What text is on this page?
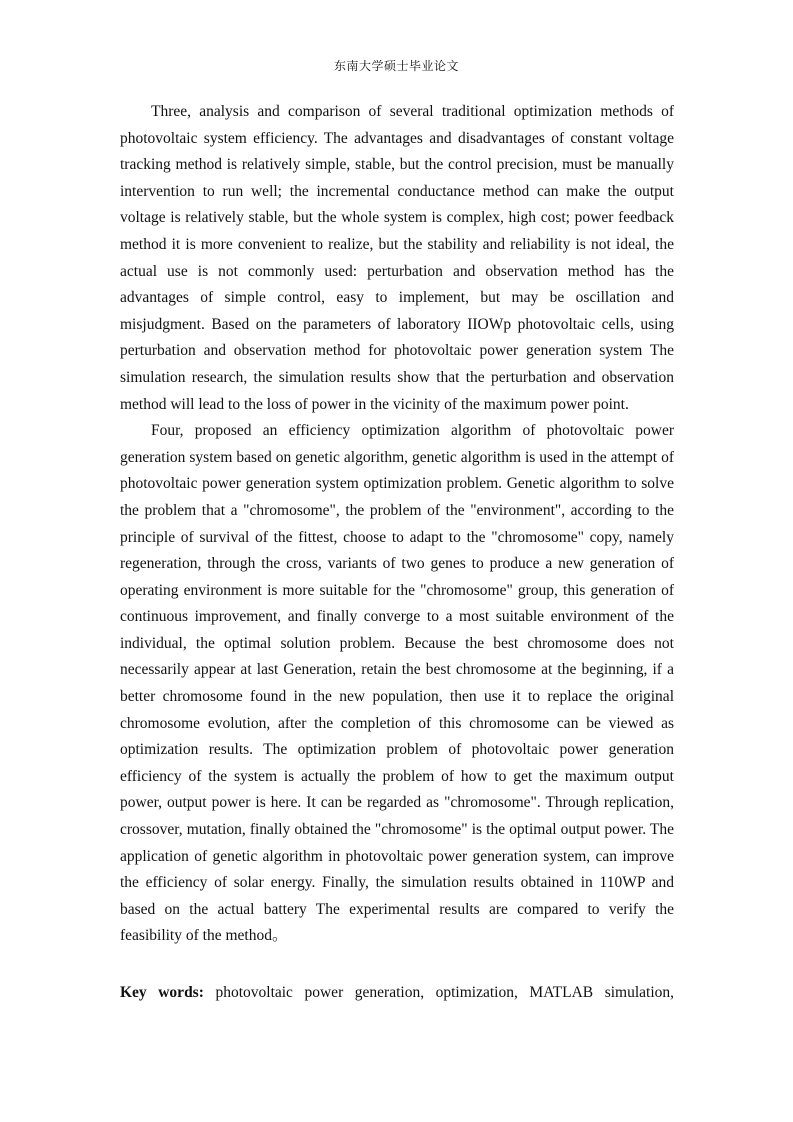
东南大学硕士毕业论文

Three, analysis and comparison of several traditional optimization methods of photovoltaic system efficiency. The advantages and disadvantages of constant voltage tracking method is relatively simple, stable, but the control precision, must be manually intervention to run well; the incremental conductance method can make the output voltage is relatively stable, but the whole system is complex, high cost; power feedback method it is more convenient to realize, but the stability and reliability is not ideal, the actual use is not commonly used: perturbation and observation method has the advantages of simple control, easy to implement, but may be oscillation and misjudgment. Based on the parameters of laboratory IIOWp photovoltaic cells, using perturbation and observation method for photovoltaic power generation system The simulation research, the simulation results show that the perturbation and observation method will lead to the loss of power in the vicinity of the maximum power point.

Four, proposed an efficiency optimization algorithm of photovoltaic power generation system based on genetic algorithm, genetic algorithm is used in the attempt of photovoltaic power generation system optimization problem. Genetic algorithm to solve the problem that a "chromosome", the problem of the "environment", according to the principle of survival of the fittest, choose to adapt to the "chromosome" copy, namely regeneration, through the cross, variants of two genes to produce a new generation of operating environment is more suitable for the "chromosome" group, this generation of continuous improvement, and finally converge to a most suitable environment of the individual, the optimal solution problem. Because the best chromosome does not necessarily appear at last Generation, retain the best chromosome at the beginning, if a better chromosome found in the new population, then use it to replace the original chromosome evolution, after the completion of this chromosome can be viewed as optimization results. The optimization problem of photovoltaic power generation efficiency of the system is actually the problem of how to get the maximum output power, output power is here. It can be regarded as "chromosome". Through replication, crossover, mutation, finally obtained the "chromosome" is the optimal output power. The application of genetic algorithm in photovoltaic power generation system, can improve the efficiency of solar energy. Finally, the simulation results obtained in 110WP and based on the actual battery The experimental results are compared to verify the feasibility of the method。

Key words: photovoltaic power generation, optimization, MATLAB simulation,
